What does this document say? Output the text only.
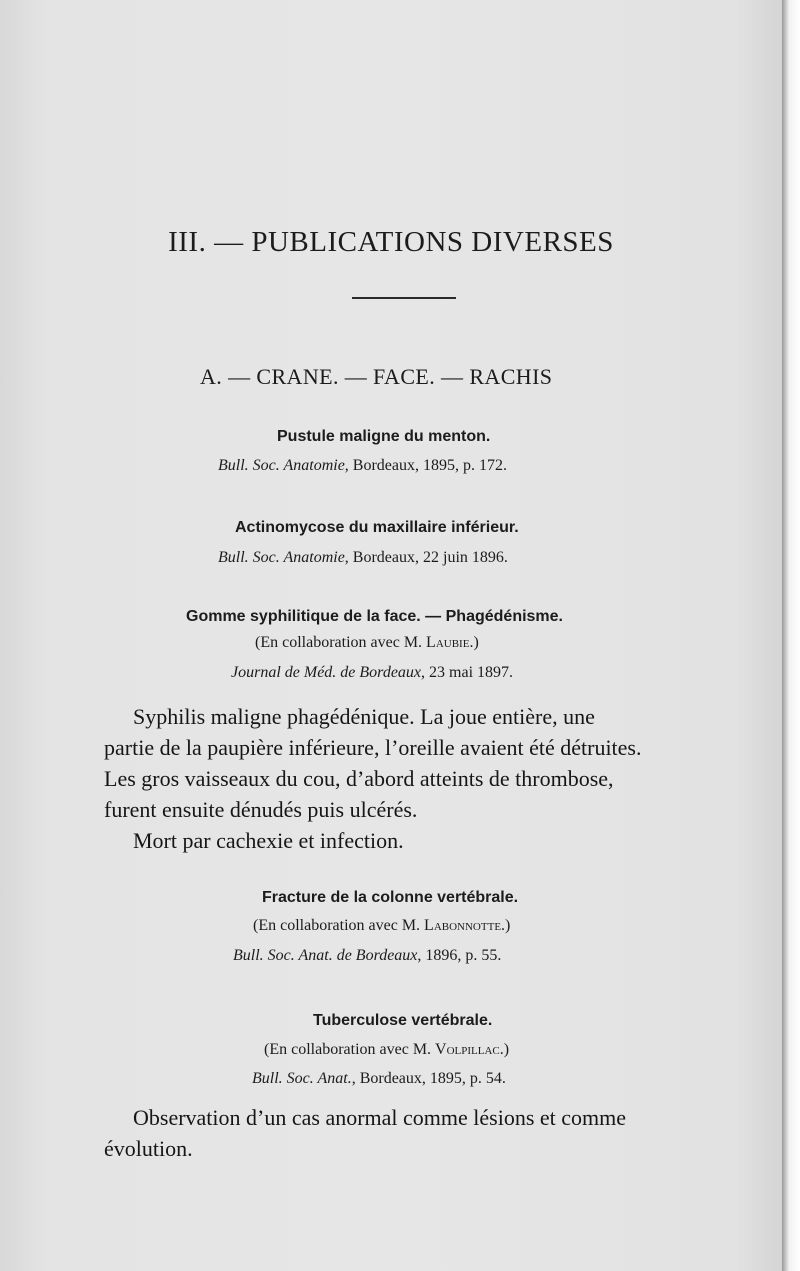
III. — PUBLICATIONS DIVERSES
A. — CRANE. — FACE. — RACHIS
Pustule maligne du menton.
Bull. Soc. Anatomie, Bordeaux, 1895, p. 172.
Actinomycose du maxillaire inférieur.
Bull. Soc. Anatomie, Bordeaux, 22 juin 1896.
Gomme syphilitique de la face. — Phagédénisme.
(En collaboration avec M. Laubie.)
Journal de Méd. de Bordeaux, 23 mai 1897.
Syphilis maligne phagédénique. La joue entière, une
partie de la paupière inférieure, l’oreille avaient été détruites.
Les gros vaisseaux du cou, d’abord atteints de thrombose,
furent ensuite dénudés puis ulcérés.
Mort par cachexie et infection.
Fracture de la colonne vertébrale.
(En collaboration avec M. Labonnotte.)
Bull. Soc. Anat. de Bordeaux, 1896, p. 55.
Tuberculose vertébrale.
(En collaboration avec M. Volpillac.)
Bull. Soc. Anat., Bordeaux, 1895, p. 54.
Observation d’un cas anormal comme lésions et comme
évolution.
